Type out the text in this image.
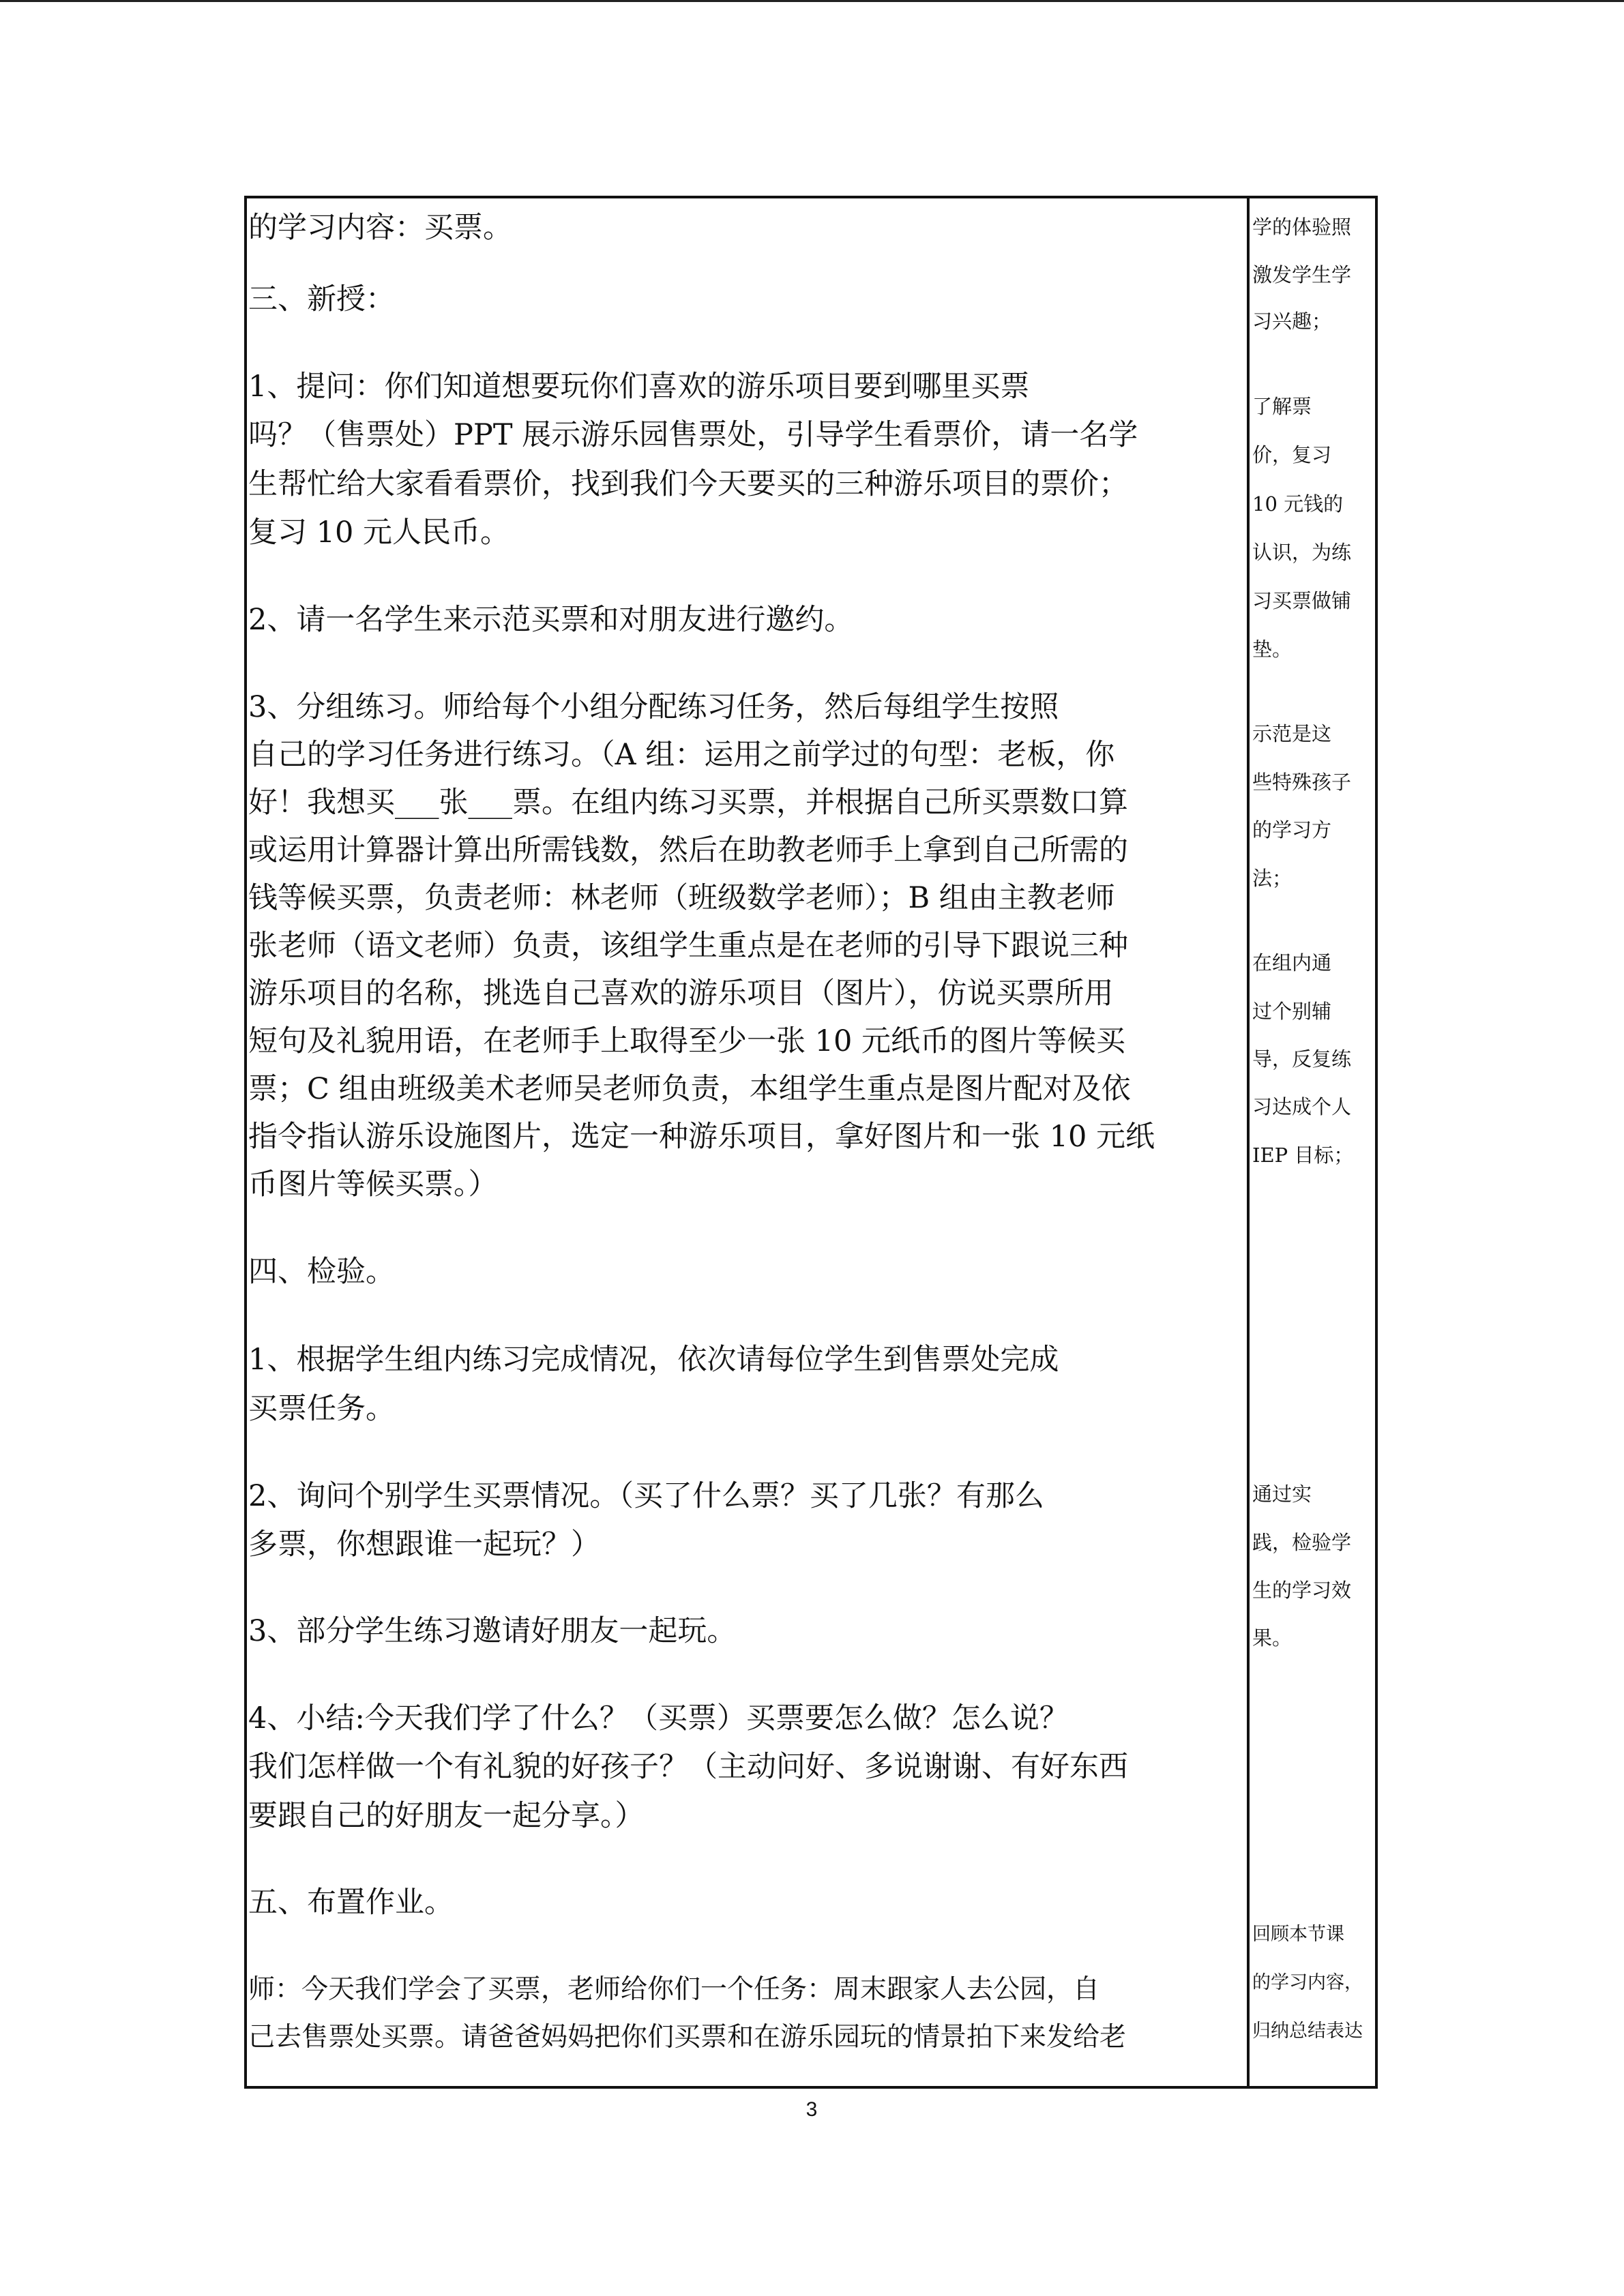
的学习内容：买票。
三、新授：
1、提问：你们知道想要玩你们喜欢的游乐项目要到哪里买票
吗？（售票处）PPT 展示游乐园售票处，引导学生看票价，请一名学
生帮忙给大家看看票价，找到我们今天要买的三种游乐项目的票价；
复习 10 元人民币。
2、请一名学生来示范买票和对朋友进行邀约。
3、分组练习。师给每个小组分配练习任务，然后每组学生按照
自己的学习任务进行练习。（A 组：运用之前学过的句型：老板，你
好！我想买___张___票。在组内练习买票，并根据自己所买票数口算
或运用计算器计算出所需钱数，然后在助教老师手上拿到自己所需的
钱等候买票，负责老师：林老师（班级数学老师）；B 组由主教老师
张老师（语文老师）负责，该组学生重点是在老师的引导下跟说三种
游乐项目的名称，挑选自己喜欢的游乐项目（图片），仿说买票所用
短句及礼貌用语，在老师手上取得至少一张 10 元纸币的图片等候买
票；C 组由班级美术老师吴老师负责，本组学生重点是图片配对及依
指令指认游乐设施图片，选定一种游乐项目，拿好图片和一张 10 元纸
币图片等候买票。）
四、检验。
1、根据学生组内练习完成情况，依次请每位学生到售票处完成
买票任务。
2、询问个别学生买票情况。（买了什么票？买了几张？有那么
多票，你想跟谁一起玩？）
3、部分学生练习邀请好朋友一起玩。
4、小结:今天我们学了什么？（买票）买票要怎么做？怎么说？
我们怎样做一个有礼貌的好孩子？（主动问好、多说谢谢、有好东西
要跟自己的好朋友一起分享。）
五、布置作业。
师：今天我们学会了买票，老师给你们一个任务：周末跟家人去公园，自
己去售票处买票。请爸爸妈妈把你们买票和在游乐园玩的情景拍下来发给老
学的体验照
激发学生学
习兴趣；
了解票
价，复习
10 元钱的
认识，为练
习买票做铺
垫。
示范是这
些特殊孩子
的学习方
法；
在组内通
过个别辅
导，反复练
习达成个人
IEP 目标；
通过实
践，检验学
生的学习效
果。
回顾本节课
的学习内容，
归纳总结表达
3
